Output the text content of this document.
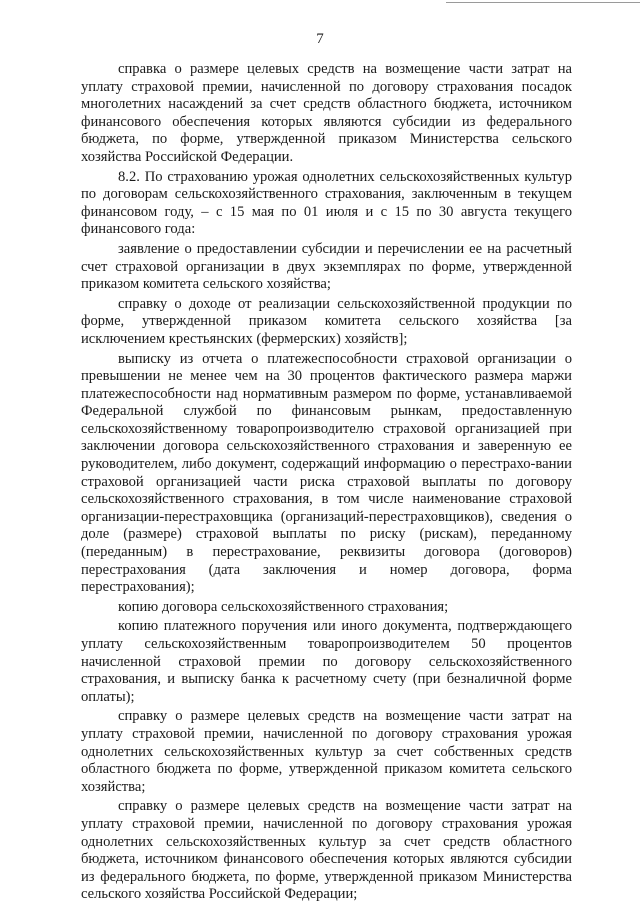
7

справка о размере целевых средств на возмещение части затрат на уплату страховой премии, начисленной по договору страхования посадок многолетних насаждений за счет средств областного бюджета, источником финансового обеспечения которых являются субсидии из федерального бюджета, по форме, утвержденной приказом Министерства сельского хозяйства Российской Федерации.

8.2. По страхованию урожая однолетних сельскохозяйственных культур по договорам сельскохозяйственного страхования, заключенным в текущем финансовом году, – с 15 мая по 01 июля и с 15 по 30 августа текущего финансового года:

заявление о предоставлении субсидии и перечислении ее на расчетный счет страховой организации в двух экземплярах по форме, утвержденной приказом комитета сельского хозяйства;

справку о доходе от реализации сельскохозяйственной продукции по форме, утвержденной приказом комитета сельского хозяйства [за исключением крестьянских (фермерских) хозяйств];

выписку из отчета о платежеспособности страховой организации о превышении не менее чем на 30 процентов фактического размера маржи платежеспособности над нормативным размером по форме, устанавливаемой Федеральной службой по финансовым рынкам, предоставленную сельскохозяйственному товаропроизводителю страховой организацией при заключении договора сельскохозяйственного страхования и заверенную ее руководителем, либо документ, содержащий информацию о перестрахо-вании страховой организацией части риска страховой выплаты по договору сельскохозяйственного страхования, в том числе наименование страховой организации-перестраховщика (организаций-перестраховщиков), сведения о доле (размере) страховой выплаты по риску (рискам), переданному (переданным) в перестрахование, реквизиты договора (договоров) перестрахования (дата заключения и номер договора, форма перестрахования);

копию договора сельскохозяйственного страхования;

копию платежного поручения или иного документа, подтверждающего уплату сельскохозяйственным товаропроизводителем 50 процентов начисленной страховой премии по договору сельскохозяйственного страхования, и выписку банка к расчетному счету (при безналичной форме оплаты);

справку о размере целевых средств на возмещение части затрат на уплату страховой премии, начисленной по договору страхования урожая однолетних сельскохозяйственных культур за счет собственных средств областного бюджета по форме, утвержденной приказом комитета сельского хозяйства;

справку о размере целевых средств на возмещение части затрат на уплату страховой премии, начисленной по договору страхования урожая однолетних сельскохозяйственных культур за счет средств областного бюджета, источником финансового обеспечения которых являются субсидии из федерального бюджета, по форме, утвержденной приказом Министерства сельского хозяйства Российской Федерации;
